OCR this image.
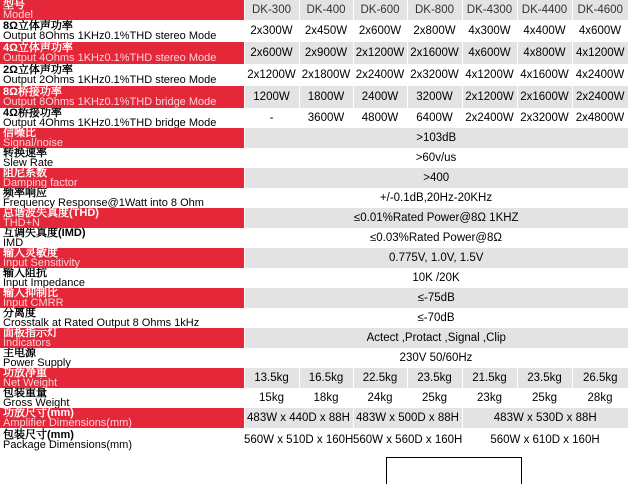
型号
Model	DK-300	DK-400	DK-600	DK-800	DK-4300	DK-4400	DK-4600

8Ω立体声功率
Output 8Ohms 1KHz0.1%THD stereo Mode	2x300W	2x450W	2x600W	2x800W	4x300W	4x400W	4x600W

4Ω立体声功率
Output 4Ohms 1KHz0.1%THD stereo Mode	2x600W	2x900W	2x1200W	2x1600W	4x600W	4x800W	4x1200W

2Ω立体声功率
Output 2Ohms 1KHz0.1%THD stereo Mode	2x1200W	2x1800W	2x2400W	2x3200W	4x1200W	4x1600W	4x2400W

8Ω桥接功率
Output 8Ohms 1KHz0.1%THD bridge Mode	1200W	1800W	2400W	3200W	2x1200W	2x1600W	2x2400W

4Ω桥接功率
Output 4Ohms 1KHz0.1%THD bridge Mode	-	3600W	4800W	6400W	2x2400W	2x3200W	2x4800W

信噪比
Signal/noise	>103dB						

转换速率
Slew Rate	>60v/us						

阻尼系数
Damping factor	>400						

频率响应
Frequency Response@1Watt into 8 Ohm	+/-0.1dB,20Hz-20KHz						

总谐波失真度(THD)
THD+N	≤0.01%Rated Power@8Ω 1KHZ						

互调失真度(IMD)
IMD	≤0.03%Rated Power@8Ω						

输入灵敏度
Input Sensitivity	0.775V, 1.0V, 1.5V						

输入阻抗
Input Impedance	10K /20K						

输入抑制比
Input CMRR	≤-75dB						

分离度
Crosstalk at Rated Output 8 Ohms 1kHz	≤-70dB						

面板指示灯
Indicators	Actect ,Protact ,Signal ,Clip						

主电源
Power Supply	230V 50/60Hz						

功放净重
Net Weight	13.5kg	16.5kg	22.5kg	23.5kg	21.5kg	23.5kg	26.5kg

包装重量
Gross Weight	15kg	18kg	24kg	25kg	23kg	25kg	28kg

功放尺寸(mm)
Amplifier Dimensions(mm)	483W x 440D x 88H		483W x 500D x 88H		483W x 530D x 88H		

包装尺寸(mm)
Package Dimensions(mm)	560W x 510D x 160H		560W x 560D x 160H		560W x 610D x 160H		
